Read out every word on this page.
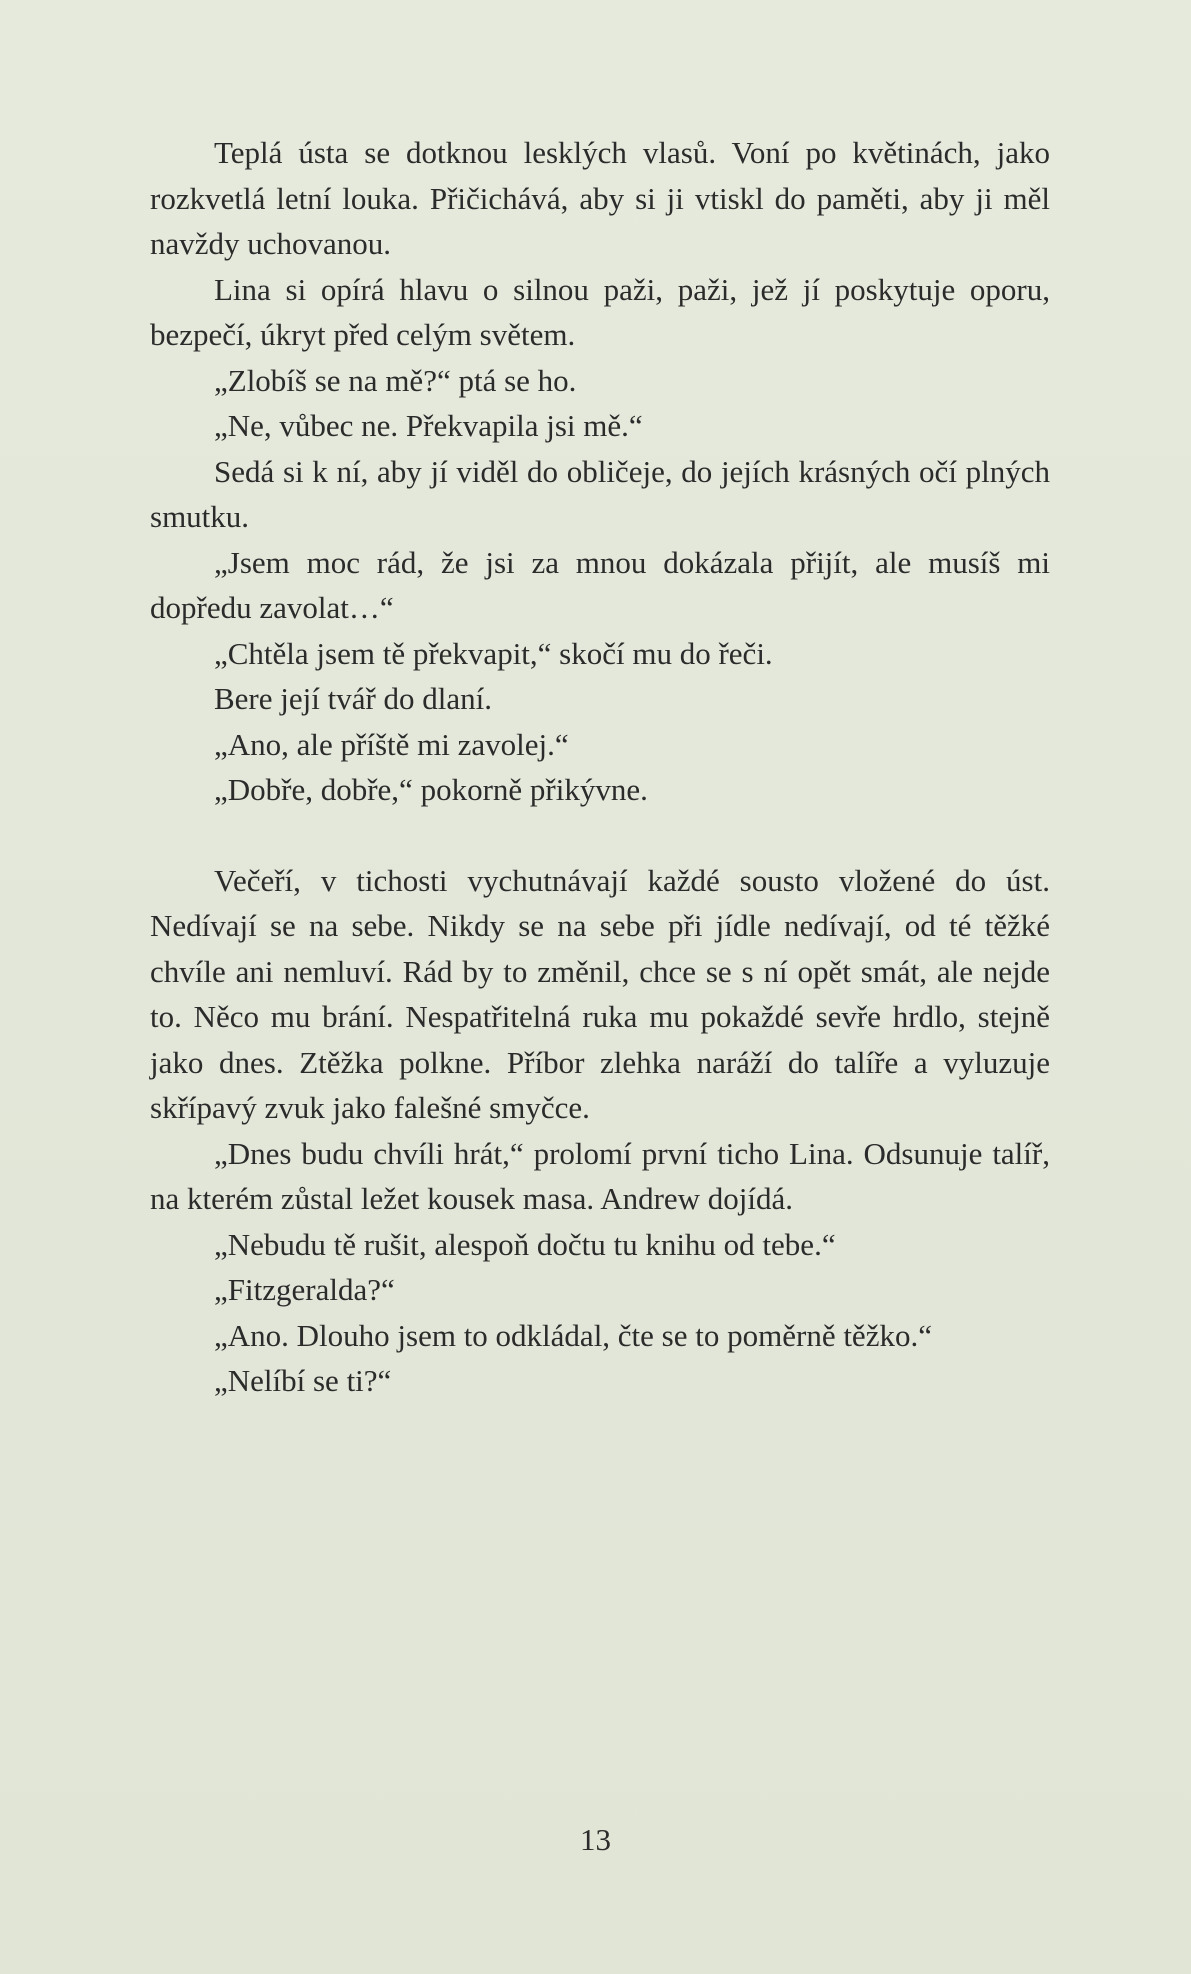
Teplá ústa se dotknou lesklých vlasů. Voní po květinách, jako rozkvetlá letní louka. Přičichává, aby si ji vtiskl do paměti, aby ji měl navždy uchovanou.

Lina si opírá hlavu o silnou paži, paži, jež jí poskytuje oporu, bezpečí, úkryt před celým světem.

„Zlobíš se na mě?“ ptá se ho.

„Ne, vůbec ne. Překvapila jsi mě.“

Sedá si k ní, aby jí viděl do obličeje, do jejích krásných očí plných smutku.

„Jsem moc rád, že jsi za mnou dokázala přijít, ale musíš mi dopředu zavolat…“

„Chtěla jsem tě překvapit,“ skočí mu do řeči.

Bere její tvář do dlaní.

„Ano, ale příště mi zavolej.“

„Dobře, dobře,“ pokorně přikývne.

Večeří, v tichosti vychutnávají každé sousto vložené do úst. Nedívají se na sebe. Nikdy se na sebe při jídle nedívají, od té těžké chvíle ani nemluví. Rád by to změnil, chce se s ní opět smát, ale nejde to. Něco mu brání. Nespatřitelná ruka mu pokaždé sevře hrdlo, stejně jako dnes. Ztěžka polkne. Příbor zlehka naráží do talíře a vyluzuje skřípavý zvuk jako falešné smyčce.

„Dnes budu chvíli hrát,“ prolomí první ticho Lina. Odsunuje talíř, na kterém zůstal ležet kousek masa. Andrew dojídá.

„Nebudu tě rušit, alespoň dočtu tu knihu od tebe.“

„Fitzgeralda?“

„Ano. Dlouho jsem to odkládal, čte se to poměrně těžko.“

„Nelíbí se ti?“

13
